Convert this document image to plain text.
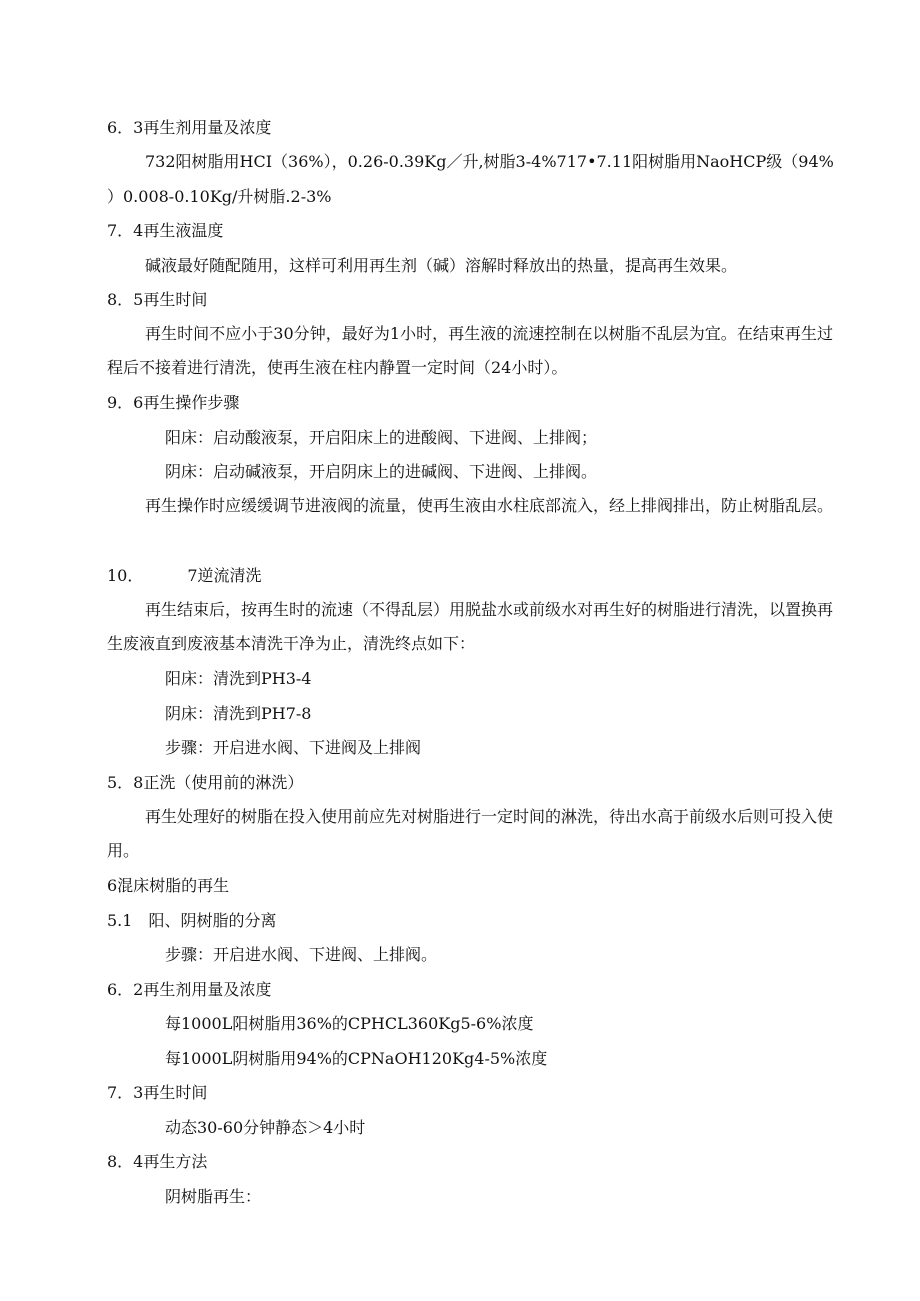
6．3再生剂用量及浓度

732阳树脂用HCI（36%），0.26-0.39Kg／升,树脂3-4%717•7.11阳树脂用NaoHCP级（94%

）0.008-0.10Kg/升树脂.2-3%

7．4再生液温度

碱液最好随配随用，这样可利用再生剂（碱）溶解时释放出的热量，提高再生效果。

8．5再生时间

再生时间不应小于30分钟，最好为1小时，再生液的流速控制在以树脂不乱层为宜。在结束再生过程后不接着进行清洗，使再生液在柱内静置一定时间（24小时）。

9．6再生操作步骤

阳床：启动酸液泵，开启阳床上的进酸阀、下进阀、上排阀；

阴床：启动碱液泵，开启阴床上的进碱阀、下进阀、上排阀。

再生操作时应缓缓调节进液阀的流量，使再生液由水柱底部流入，经上排阀排出，防止树脂乱层。

10．	7逆流清洗

再生结束后，按再生时的流速（不得乱层）用脱盐水或前级水对再生好的树脂进行清洗，以置换再生废液直到废液基本清洗干净为止，清洗终点如下：

阳床：清洗到PH3-4

阴床：清洗到PH7-8

步骤：开启进水阀、下进阀及上排阀

5．8正洗（使用前的淋洗）

再生处理好的树脂在投入使用前应先对树脂进行一定时间的淋洗，待出水高于前级水后则可投入使用。

6混床树脂的再生

5.1　阳、阴树脂的分离

步骤：开启进水阀、下进阀、上排阀。

6．2再生剂用量及浓度

每1000L阳树脂用36%的CPHCL360Kg5-6%浓度

每1000L阴树脂用94%的CPNaOH120Kg4-5%浓度

7．3再生时间

动态30-60分钟静态＞4小时

8．4再生方法

阴树脂再生：
